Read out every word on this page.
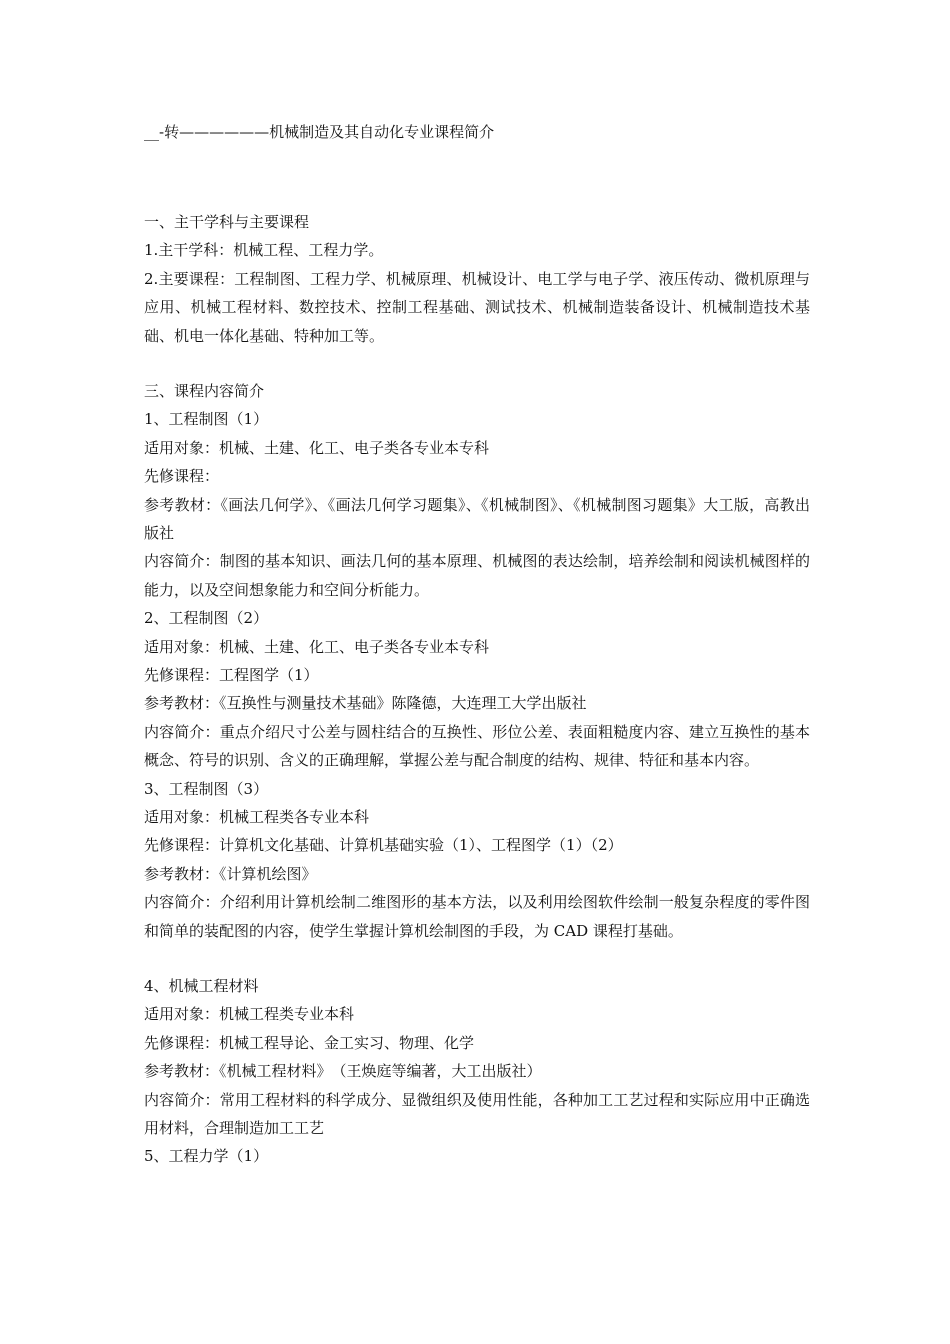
__-转——————机械制造及其自动化专业课程简介
一、主干学科与主要课程
1.主干学科：机械工程、工程力学。
2.主要课程：工程制图、工程力学、机械原理、机械设计、电工学与电子学、液压传动、微机原理与应用、机械工程材料、数控技术、控制工程基础、测试技术、机械制造装备设计、机械制造技术基础、机电一体化基础、特种加工等。
三、课程内容简介
1、工程制图（1）
适用对象：机械、土建、化工、电子类各专业本专科
先修课程：
参考教材：《画法几何学》、《画法几何学习题集》、《机械制图》、《机械制图习题集》大工版，高教出版社
内容简介：制图的基本知识、画法几何的基本原理、机械图的表达绘制，培养绘制和阅读机械图样的能力，以及空间想象能力和空间分析能力。
2、工程制图（2）
适用对象：机械、土建、化工、电子类各专业本专科
先修课程：工程图学（1）
参考教材：《互换性与测量技术基础》陈隆德，大连理工大学出版社
内容简介：重点介绍尺寸公差与圆柱结合的互换性、形位公差、表面粗糙度内容、建立互换性的基本概念、符号的识别、含义的正确理解，掌握公差与配合制度的结构、规律、特征和基本内容。
3、工程制图（3）
适用对象：机械工程类各专业本科
先修课程：计算机文化基础、计算机基础实验（1）、工程图学（1）（2）
参考教材：《计算机绘图》
内容简介：介绍利用计算机绘制二维图形的基本方法，以及利用绘图软件绘制一般复杂程度的零件图和简单的装配图的内容，使学生掌握计算机绘制图的手段，为 CAD 课程打基础。
4、机械工程材料
适用对象：机械工程类专业本科
先修课程：机械工程导论、金工实习、物理、化学
参考教材：《机械工程材料》　（王焕庭等编著，大工出版社）
内容简介：常用工程材料的科学成分、显微组织及使用性能，各种加工工艺过程和实际应用中正确选用材料，合理制造加工工艺
5、工程力学（1）
